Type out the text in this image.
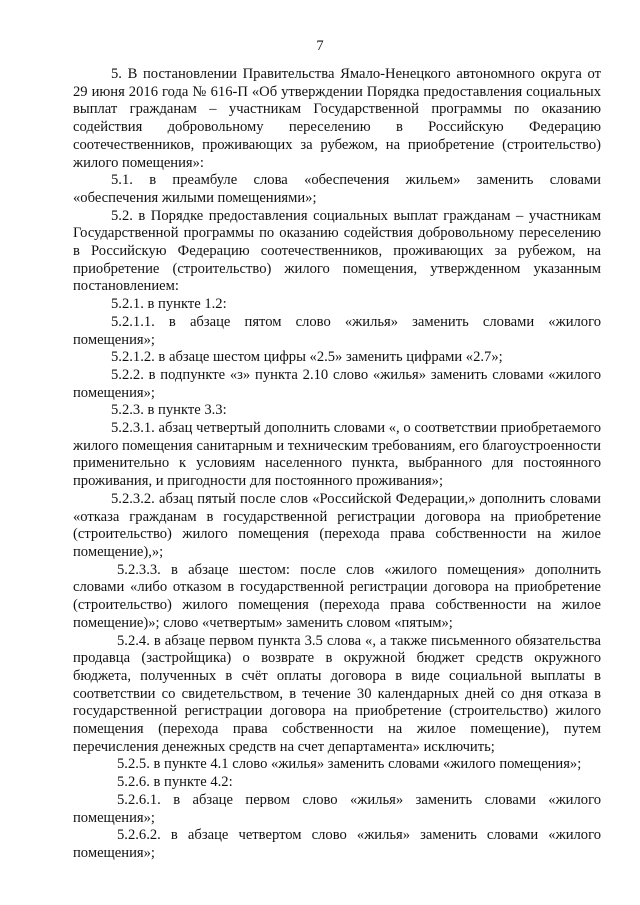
7

5. В постановлении Правительства Ямало-Ненецкого автономного округа от 29 июня 2016 года № 616-П «Об утверждении Порядка предоставления социальных выплат гражданам – участникам Государственной программы по оказанию содействия добровольному переселению в Российскую Федерацию соотечественников, проживающих за рубежом, на приобретение (строительство) жилого помещения»:

5.1. в преамбуле слова «обеспечения жильем» заменить словами «обеспечения жилыми помещениями»;

5.2. в Порядке предоставления социальных выплат гражданам – участникам Государственной программы по оказанию содействия добровольному переселению в Российскую Федерацию соотечественников, проживающих за рубежом, на приобретение (строительство) жилого помещения, утвержденном указанным постановлением:

5.2.1. в пункте 1.2:

5.2.1.1. в абзаце пятом слово «жилья» заменить словами «жилого помещения»;

5.2.1.2. в абзаце шестом цифры «2.5» заменить цифрами «2.7»;

5.2.2. в подпункте «з» пункта 2.10 слово «жилья» заменить словами «жилого помещения»;

5.2.3. в пункте 3.3:

5.2.3.1. абзац четвертый дополнить словами «, о соответствии приобретаемого жилого помещения санитарным и техническим требованиям, его благоустроенности применительно к условиям населенного пункта, выбранного для постоянного проживания, и пригодности для постоянного проживания»;

5.2.3.2. абзац пятый после слов «Российской Федерации,» дополнить словами «отказа гражданам в государственной регистрации договора на приобретение (строительство) жилого помещения (перехода права собственности на жилое помещение),»;

5.2.3.3. в абзаце шестом: после слов «жилого помещения» дополнить словами «либо отказом в государственной регистрации договора на приобретение (строительство) жилого помещения (перехода права собственности на жилое помещение)»; слово «четвертым» заменить словом «пятым»;

5.2.4. в абзаце первом пункта 3.5 слова «, а также письменного обязательства продавца (застройщика) о возврате в окружной бюджет средств окружного бюджета, полученных в счёт оплаты договора в виде социальной выплаты в соответствии со свидетельством, в течение 30 календарных дней со дня отказа в государственной регистрации договора на приобретение (строительство) жилого помещения (перехода права собственности на жилое помещение), путем перечисления денежных средств на счет департамента» исключить;

5.2.5. в пункте 4.1 слово «жилья» заменить словами «жилого помещения»;

5.2.6. в пункте 4.2:

5.2.6.1. в абзаце первом слово «жилья» заменить словами «жилого помещения»;

5.2.6.2. в абзаце четвертом слово «жилья» заменить словами «жилого помещения»;
